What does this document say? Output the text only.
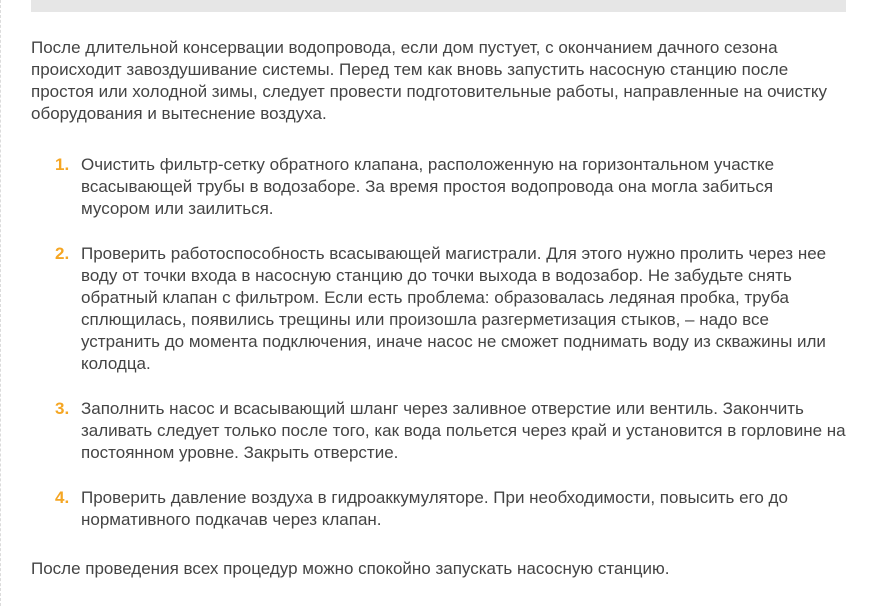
После длительной консервации водопровода, если дом пустует, с окончанием дачного сезона происходит завоздушивание системы. Перед тем как вновь запустить насосную станцию после простоя или холодной зимы, следует провести подготовительные работы, направленные на очистку оборудования и вытеснение воздуха.

1. Очистить фильтр-сетку обратного клапана, расположенную на горизонтальном участке всасывающей трубы в водозаборе. За время простоя водопровода она могла забиться мусором или заилиться.
2. Проверить работоспособность всасывающей магистрали. Для этого нужно пролить через нее воду от точки входа в насосную станцию до точки выхода в водозабор. Не забудьте снять обратный клапан с фильтром. Если есть проблема: образовалась ледяная пробка, труба сплющилась, появились трещины или произошла разгерметизация стыков, – надо все устранить до момента подключения, иначе насос не сможет поднимать воду из скважины или колодца.
3. Заполнить насос и всасывающий шланг через заливное отверстие или вентиль. Закончить заливать следует только после того, как вода польется через край и установится в горловине на постоянном уровне. Закрыть отверстие.
4. Проверить давление воздуха в гидроаккумуляторе. При необходимости, повысить его до нормативного подкачав через клапан.

После проведения всех процедур можно спокойно запускать насосную станцию.
